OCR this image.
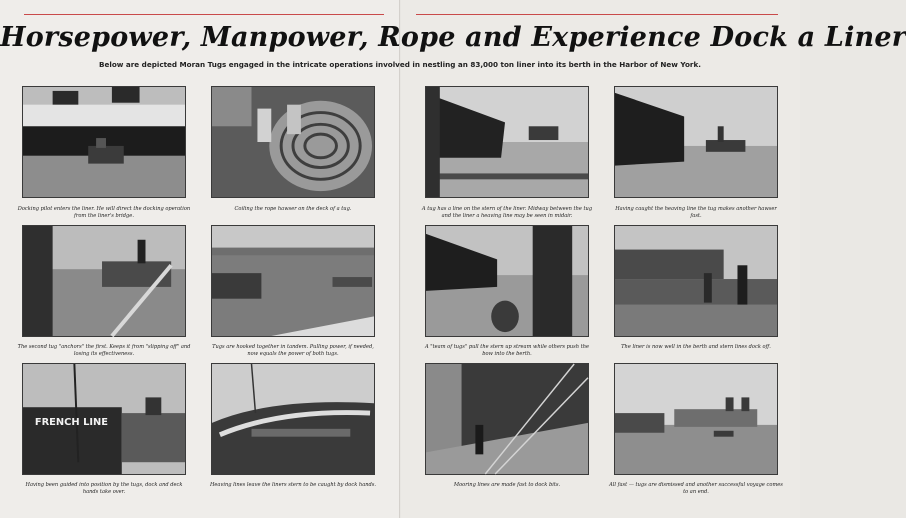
Horsepower, Manpower, Rope and Experience Dock a Liner
Below are depicted Moran Tugs engaged in the intricate operations involved in nestling an 83,000 ton liner into its berth in the Harbor of New York.
Docking pilot enters the liner. He will direct the docking operation from the liner's bridge.
Coiling the rope hawser on the deck of a tug.	A tug has a line on the stern of the liner. Midway between the tug and the liner a heaving line may be seen in midair.
Having caught the heaving line the tug makes another hawser fast.
The second tug "anchors" the first. Keeps it from "slipping off" and losing its effectiveness.
Tugs are hooked together in tandem. Pulling power, if needed, now equals the power of both tugs.
A "team of tugs" pull the stern up stream while others push the bow into the berth.
The liner is now well in the berth and stern lines dock off.
FRENCH LINE
Having been guided into position by the tugs, dock and deck hands take over.
Heaving lines leave the liners stern to be caught by dock hands.	Mooring lines are made fast to dock bits.	All fast — tugs are dismissed and another successful voyage comes to an end.
